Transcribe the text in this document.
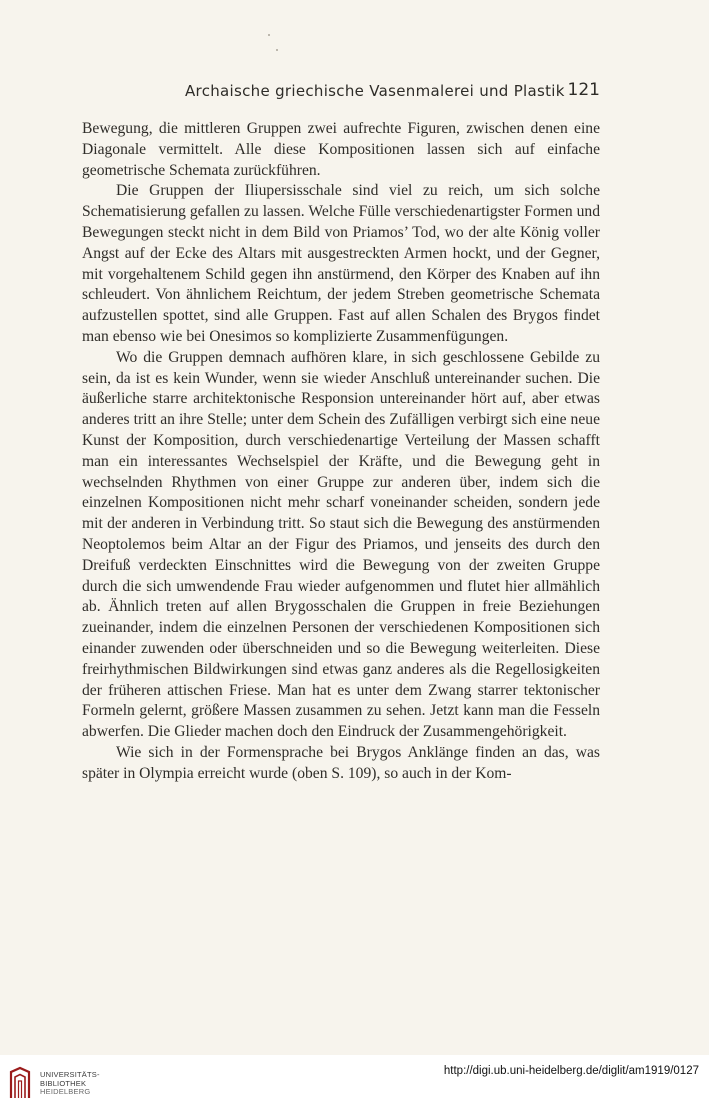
Archaische griechische Vasenmalerei und Plastik 121

Bewegung, die mittleren Gruppen zwei aufrechte Figuren, zwischen denen eine Diagonale vermittelt. Alle diese Kompositionen lassen sich auf einfache geometrische Schemata zurückführen.

Die Gruppen der Iliupersisschale sind viel zu reich, um sich solche Schematisierung gefallen zu lassen. Welche Fülle verschiedenartigster Formen und Bewegungen steckt nicht in dem Bild von Priamos’ Tod, wo der alte König voller Angst auf der Ecke des Altars mit ausgestreckten Armen hockt, und der Gegner, mit vorgehaltenem Schild gegen ihn anstürmend, den Körper des Knaben auf ihn schleudert. Von ähnlichem Reichtum, der jedem Streben geometrische Schemata aufzustellen spottet, sind alle Gruppen. Fast auf allen Schalen des Brygos findet man ebenso wie bei Onesimos so komplizierte Zusammenfügungen.

Wo die Gruppen demnach aufhören klare, in sich geschlossene Gebilde zu sein, da ist es kein Wunder, wenn sie wieder Anschluß untereinander suchen. Die äußerliche starre architektonische Responsion untereinander hört auf, aber etwas anderes tritt an ihre Stelle; unter dem Schein des Zufälligen verbirgt sich eine neue Kunst der Komposition, durch verschiedenartige Verteilung der Massen schafft man ein interessantes Wechselspiel der Kräfte, und die Bewegung geht in wechselnden Rhythmen von einer Gruppe zur anderen über, indem sich die einzelnen Kompositionen nicht mehr scharf voneinander scheiden, sondern jede mit der anderen in Verbindung tritt. So staut sich die Bewegung des anstürmenden Neoptolemos beim Altar an der Figur des Priamos, und jenseits des durch den Dreifuß verdeckten Einschnittes wird die Bewegung von der zweiten Gruppe durch die sich umwendende Frau wieder aufgenommen und flutet hier allmählich ab. Ähnlich treten auf allen Brygosschalen die Gruppen in freie Beziehungen zueinander, indem die einzelnen Personen der verschiedenen Kompositionen sich einander zuwenden oder überschneiden und so die Bewegung weiterleiten. Diese freirhythmischen Bildwirkungen sind etwas ganz anderes als die Regellosigkeiten der früheren attischen Friese. Man hat es unter dem Zwang starrer tektonischer Formeln gelernt, größere Massen zusammen zu sehen. Jetzt kann man die Fesseln abwerfen. Die Glieder machen doch den Eindruck der Zusammengehörigkeit.

Wie sich in der Formensprache bei Brygos Anklänge finden an das, was später in Olympia erreicht wurde (oben S. 109), so auch in der Kom-

UNIVERSITÄTS-
BIBLIOTHEK
HEIDELBERG
http://digi.ub.uni-heidelberg.de/diglit/am1919/0127
